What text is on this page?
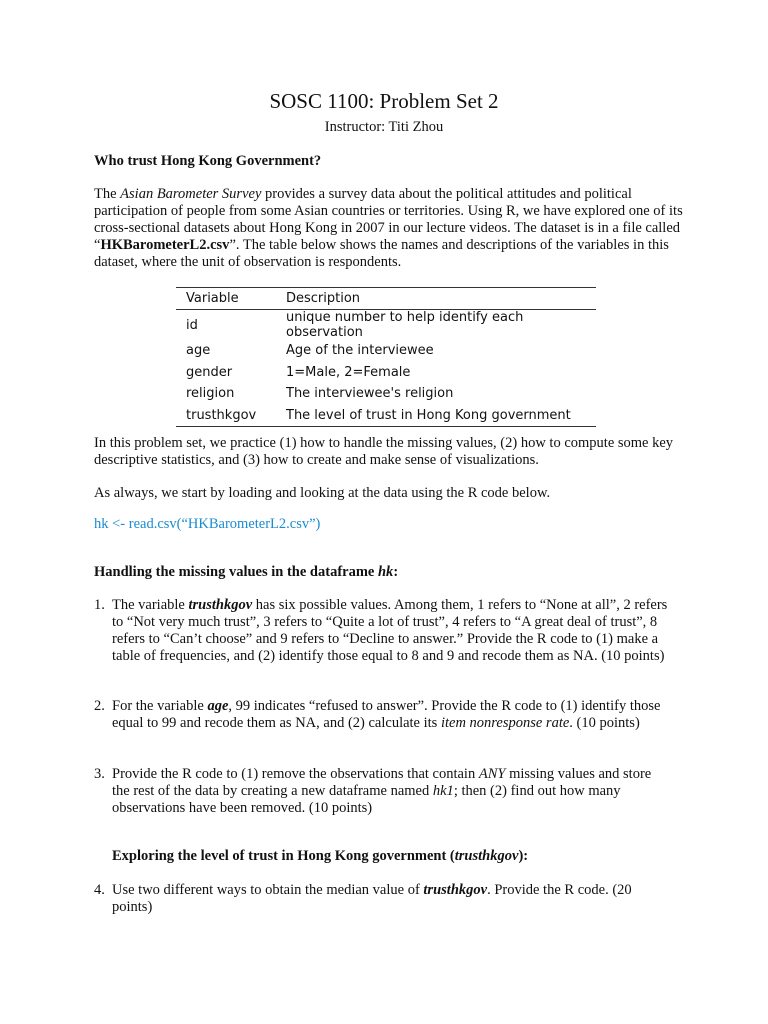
SOSC 1100: Problem Set 2
Instructor: Titi Zhou
Who trust Hong Kong Government?
The Asian Barometer Survey provides a survey data about the political attitudes and political participation of people from some Asian countries or territories. Using R, we have explored one of its cross-sectional datasets about Hong Kong in 2007 in our lecture videos. The dataset is in a file called “HKBarometerL2.csv”. The table below shows the names and descriptions of the variables in this dataset, where the unit of observation is respondents.
Variable	Description
id	unique number to help identify each observation
age	Age of the interviewee
gender	1=Male, 2=Female
religion	The interviewee's religion
trusthkgov	The level of trust in Hong Kong government
In this problem set, we practice (1) how to handle the missing values, (2) how to compute some key descriptive statistics, and (3) how to create and make sense of visualizations.
As always, we start by loading and looking at the data using the R code below.
hk <- read.csv(“HKBarometerL2.csv”)
Handling the missing values in the dataframe hk:
1. The variable trusthkgov has six possible values. Among them, 1 refers to “None at all”, 2 refers to “Not very much trust”, 3 refers to “Quite a lot of trust”, 4 refers to “A great deal of trust”, 8 refers to “Can’t choose” and 9 refers to “Decline to answer.” Provide the R code to (1) make a table of frequencies, and (2) identify those equal to 8 and 9 and recode them as NA. (10 points)
2. For the variable age, 99 indicates “refused to answer”. Provide the R code to (1) identify those equal to 99 and recode them as NA, and (2) calculate its item nonresponse rate. (10 points)
3. Provide the R code to (1) remove the observations that contain ANY missing values and store the rest of the data by creating a new dataframe named hk1; then (2) find out how many observations have been removed. (10 points)
Exploring the level of trust in Hong Kong government (trusthkgov):
4. Use two different ways to obtain the median value of trusthkgov. Provide the R code. (20 points)
